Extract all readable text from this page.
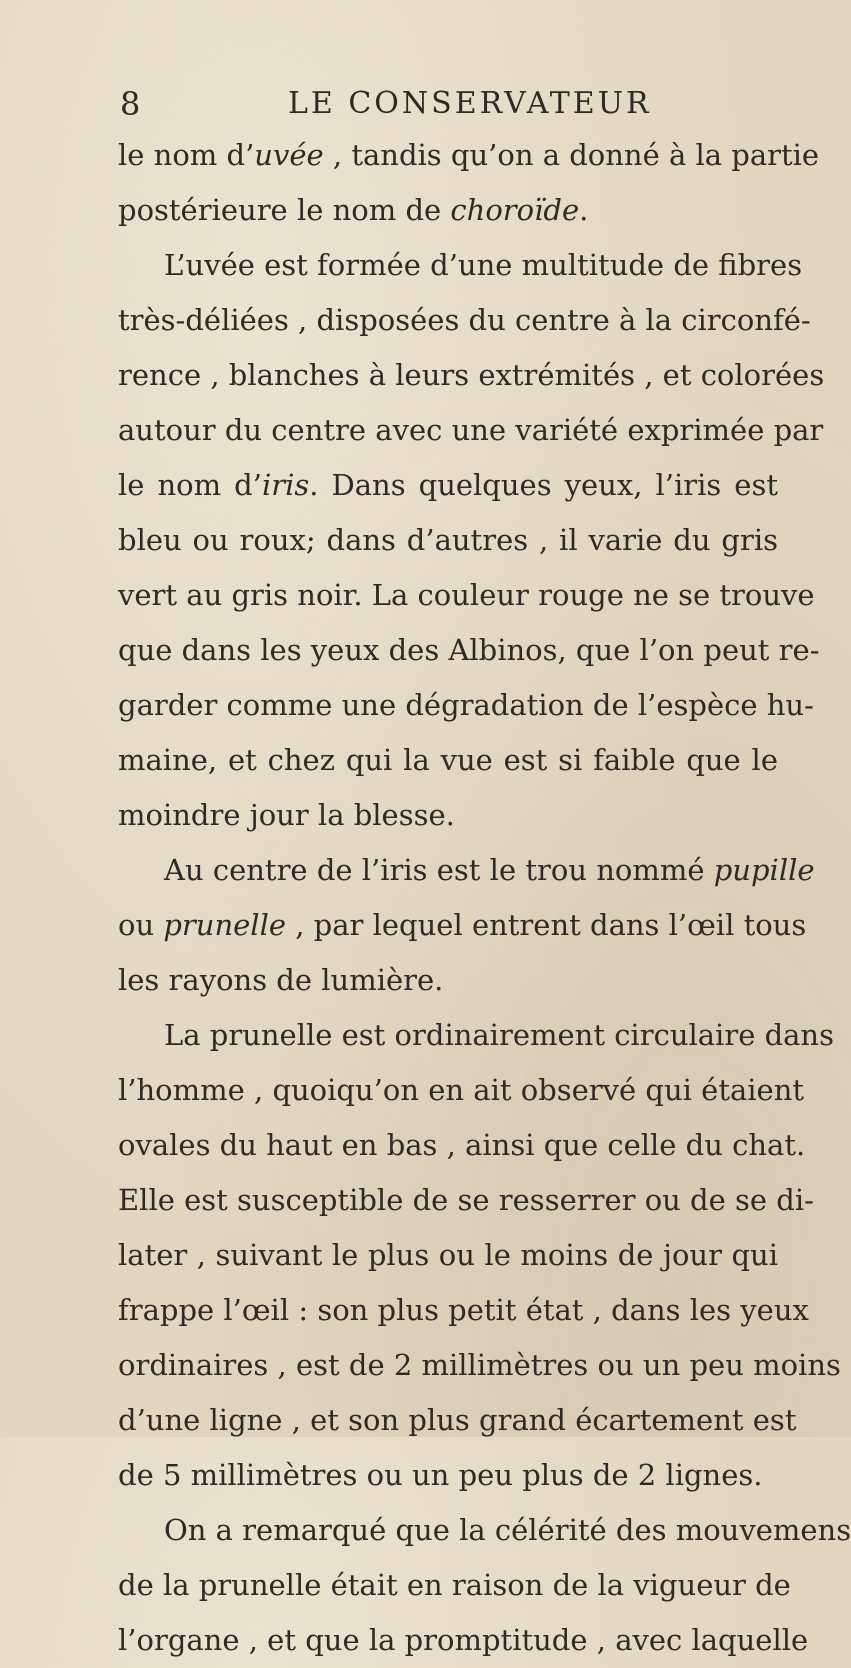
8	LE CONSERVATEUR
le nom d’uvée , tandis qu’on a donné à la partie
postérieure le nom de choroïde.
L’uvée est formée d’une multitude de fibres
très-déliées , disposées du centre à la circonfé-
rence , blanches à leurs extrémités , et colorées
autour du centre avec une variété exprimée par
le nom d’iris. Dans quelques yeux, l’iris est
bleu ou roux; dans d’autres , il varie du gris
vert au gris noir. La couleur rouge ne se trouve
que dans les yeux des Albinos, que l’on peut re-
garder comme une dégradation de l’espèce hu-
maine, et chez qui la vue est si faible que le
moindre jour la blesse.
Au centre de l’iris est le trou nommé pupille
ou prunelle , par lequel entrent dans l’œil tous
les rayons de lumière.
La prunelle est ordinairement circulaire dans
l’homme , quoiqu’on en ait observé qui étaient
ovales du haut en bas , ainsi que celle du chat.
Elle est susceptible de se resserrer ou de se di-
later , suivant le plus ou le moins de jour qui
frappe l’œil : son plus petit état , dans les yeux
ordinaires , est de 2 millimètres ou un peu moins
d’une ligne , et son plus grand écartement est
de 5 millimètres ou un peu plus de 2 lignes.
On a remarqué que la célérité des mouvemens
de la prunelle était en raison de la vigueur de
l’organe , et que la promptitude , avec laquelle
